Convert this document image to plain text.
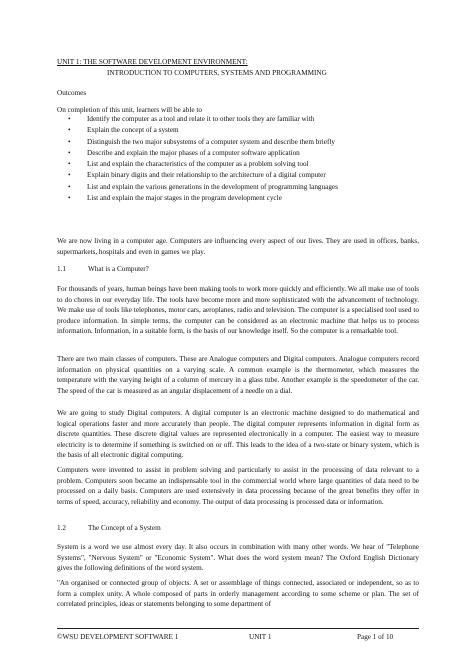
UNIT 1: THE SOFTWARE DEVELOPMENT ENVIRONMENT:

INTRODUCTION TO COMPUTERS, SYSTEMS AND PROGRAMMING

Outcomes

On completion of this unit, learners will be able to

• Identify the computer as a tool and relate it to other tools they are familiar with
• Explain the concept of a system
• Distinguish the two major subsystems of a computer system and describe them briefly
• Describe and explain the major phases of a computer software application
• List and explain the characteristics of the computer as a problem solving tool
• Explain binary digits and their relationship to the architecture of a digital computer
• List and explain the various generations in the development of programming languages
• List and explain the major stages in the program development cycle

We are now living in a computer age. Computers are influencing every aspect of our lives. They are used in offices, banks, supermarkets, hospitals and even in games we play.

1.1	What is a Computer?

For thousands of years, human beings have been making tools to work more quickly and efficiently. We all make use of tools to do chores in our everyday life. The tools have become more and more sophisticated with the advancement of technology. We make use of tools like telephones, motor cars, aeroplanes, radio and television. The computer is a specialised tool used to produce information. In simple terms, the computer can be considered as an electronic machine that helps us to process information. Information, in a suitable form, is the basis of our knowledge itself. So the computer is a remarkable tool.

There are two main classes of computers. These are Analogue computers and Digital computers. Analogue computers record information on physical quantities on a varying scale. A common example is the thermometer, which measures the temperature with the varying height of a column of mercury in a glass tube. Another example is the speedometer of the car. The speed of the car is measured as an angular displacement of a needle on a dial.

We are going to study Digital computers. A digital computer is an electronic machine designed to do mathematical and logical operations faster and more accurately than people. The digital computer represents information in digital form as discrete quantities. These discrete digital values are represented electronically in a computer. The easiest way to measure electricity is to determine if something is switched on or off. This leads to the idea of a two-state or binary system, which is the basis of all electronic digital computing.

Computers were invented to assist in problem solving and particularly to assist in the processing of data relevant to a problem. Computers soon became an indispensable tool in the commercial world where large quantities of data need to be processed on a daily basis. Computers are used extensively in data processing because of the great benefits they offer in terms of speed, accuracy, reliability and economy. The output of data processing is processed data or information.

1.2	The Concept of a System

System is a word we use almost every day. It also occurs in combination with many other words. We hear of "Telephone Systems", "Nervous System" or "Economic System". What does the word system mean? The Oxford English Dictionary gives the following definitions of the word system.

"An organised or connected group of objects. A set or assemblage of things connected, associated or independent, so as to form a complex unity. A whole composed of parts in orderly management according to some scheme or plan. The set of correlated principles, ideas or statements belonging to some department of

©WSU DEVELOPMENT SOFTWARE 1	UNIT 1	Page 1 of 10
